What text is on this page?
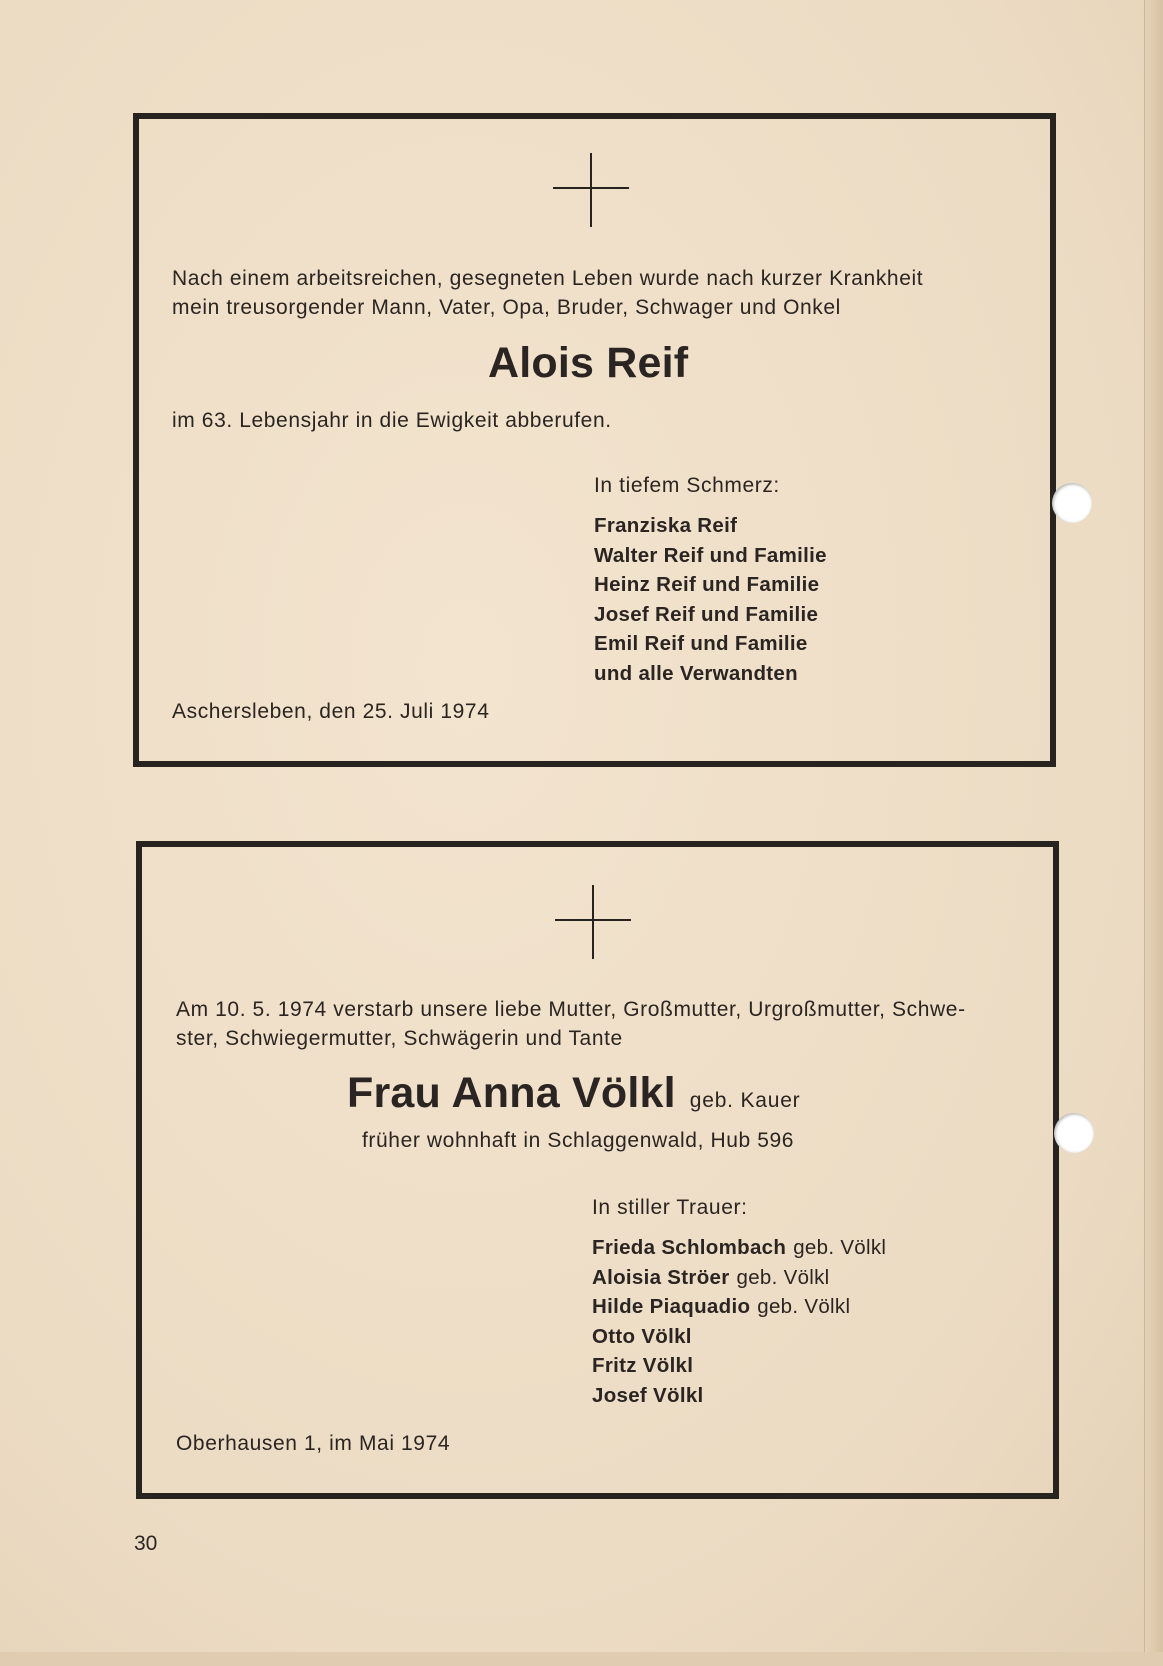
Nach einem arbeitsreichen, gesegneten Leben wurde nach kurzer Krankheit
mein treusorgender Mann, Vater, Opa, Bruder, Schwager und Onkel
Alois Reif
im 63. Lebensjahr in die Ewigkeit abberufen.
In tiefem Schmerz:
Franziska Reif
Walter Reif und Familie
Heinz Reif und Familie
Josef Reif und Familie
Emil Reif und Familie
und alle Verwandten
Aschersleben, den 25. Juli 1974
Am 10. 5. 1974 verstarb unsere liebe Mutter, Großmutter, Urgroßmutter, Schwe-
ster, Schwiegermutter, Schwägerin und Tante
Frau Anna Völkl geb. Kauer
früher wohnhaft in Schlaggenwald, Hub 596
In stiller Trauer:
Frieda Schlombach geb. Völkl
Aloisia Ströer geb. Völkl
Hilde Piaquadio geb. Völkl
Otto Völkl
Fritz Völkl
Josef Völkl
Oberhausen 1, im Mai 1974
30
